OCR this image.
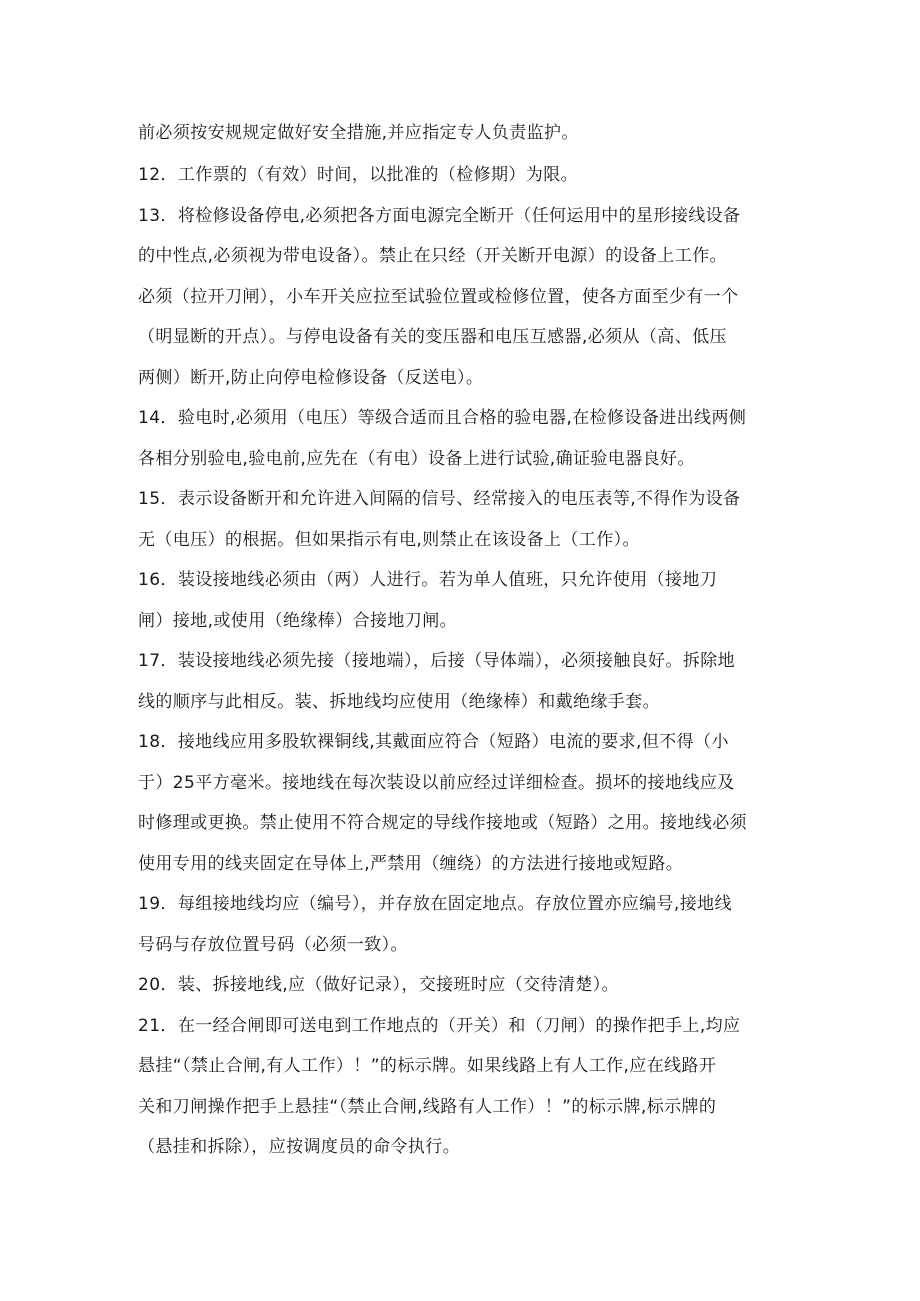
前必须按安规规定做好安全措施,并应指定专人负责监护。
12．工作票的（有效）时间，以批准的（检修期）为限。
13．将检修设备停电,必须把各方面电源完全断开（任何运用中的星形接线设备
的中性点,必须视为带电设备）。禁止在只经（开关断开电源）的设备上工作。
必须（拉开刀闸），小车开关应拉至试验位置或检修位置，使各方面至少有一个
（明显断的开点）。与停电设备有关的变压器和电压互感器,必须从（高、低压
两侧）断开,防止向停电检修设备（反送电）。
14．验电时,必须用（电压）等级合适而且合格的验电器,在检修设备进出线两侧
各相分别验电,验电前,应先在（有电）设备上进行试验,确证验电器良好。
15．表示设备断开和允许进入间隔的信号、经常接入的电压表等,不得作为设备
无（电压）的根据。但如果指示有电,则禁止在该设备上（工作）。
16．装设接地线必须由（两）人进行。若为单人值班，只允许使用（接地刀
闸）接地,或使用（绝缘棒）合接地刀闸。
17．装设接地线必须先接（接地端），后接（导体端），必须接触良好。拆除地
线的顺序与此相反。装、拆地线均应使用（绝缘棒）和戴绝缘手套。
18．接地线应用多股软裸铜线,其戴面应符合（短路）电流的要求,但不得（小
于）25平方毫米。接地线在每次装设以前应经过详细检查。损坏的接地线应及
时修理或更换。禁止使用不符合规定的导线作接地或（短路）之用。接地线必须
使用专用的线夹固定在导体上,严禁用（缠绕）的方法进行接地或短路。
19．每组接地线均应（编号），并存放在固定地点。存放位置亦应编号,接地线
号码与存放位置号码（必须一致）。
20．装、拆接地线,应（做好记录），交接班时应（交待清楚）。
21．在一经合闸即可送电到工作地点的（开关）和（刀闸）的操作把手上,均应
悬挂“（禁止合闸,有人工作）！”的标示牌。如果线路上有人工作,应在线路开
关和刀闸操作把手上悬挂“（禁止合闸,线路有人工作）！”的标示牌,标示牌的
（悬挂和拆除），应按调度员的命令执行。
